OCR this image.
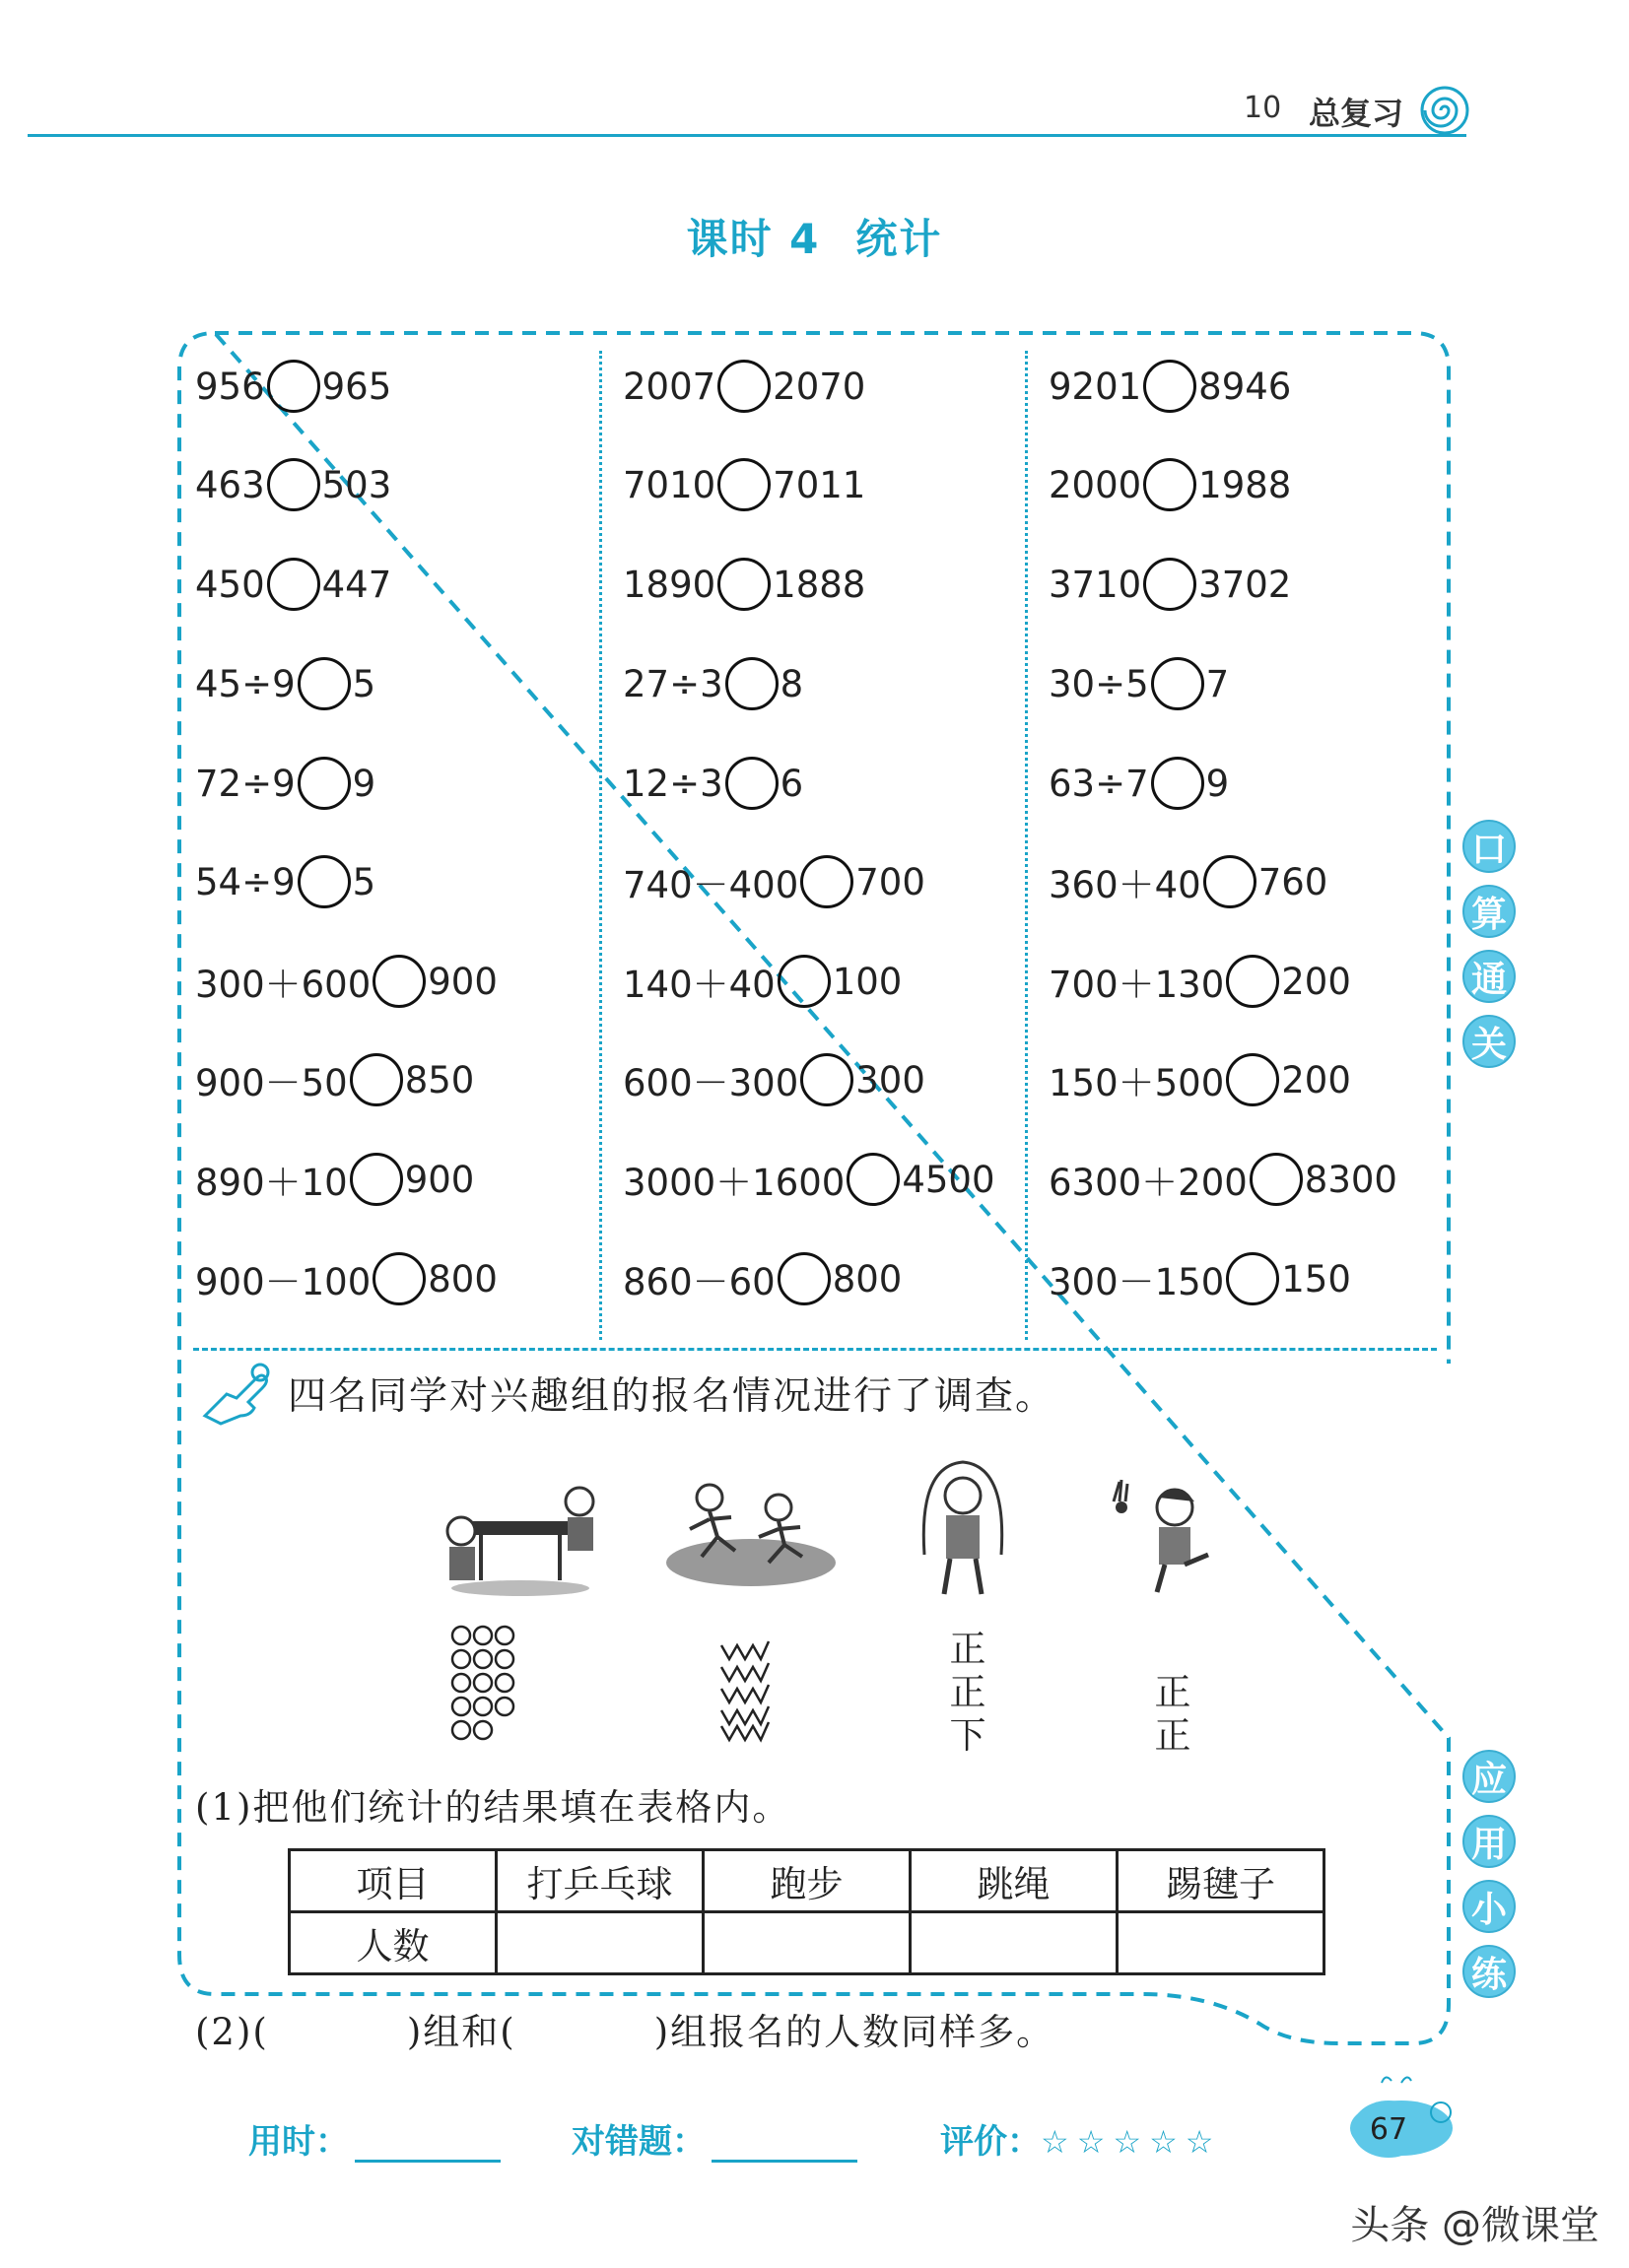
10 总复习
课时 4 统计
956 965
463 503
450 447
45÷9 5
72÷9 9
54÷9 5
300＋600 900
900－50 850
890＋10 900
900－100 800
2007 2070
7010 7011
1890 1888
27÷3 8
12÷3 6
740－400 700
140＋40 100
600－300 300
3000＋1600 4500
860－60 800
9201 8946
2000 1988
3710 3702
30÷5 7
63÷7 9
360＋40 760
700＋130 200
150＋500 200
6300＋200 8300
300－150 150
口
算
通
关
应
用
小
练
四名同学对兴趣组的报名情况进行了调查。
正
正
下
正
正
(1)把他们统计的结果填在表格内。
项目	打乒乓球	跑步	跳绳	踢毽子
人数				
(2)(	)组和(	)组报名的人数同样多。
用时：	对错题：	评价：☆☆☆☆☆	67
头条 @微课堂
